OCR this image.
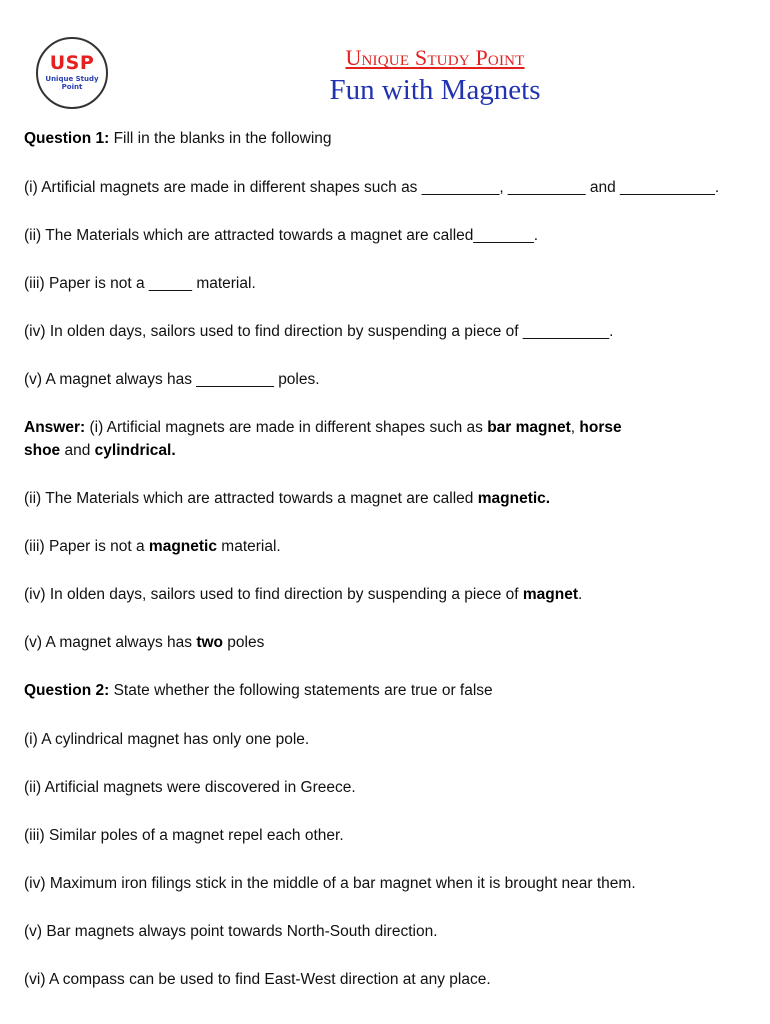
USP
Unique Study
Point
Unique Study Point
Fun with Magnets
Question 1: Fill in the blanks in the following
(i) Artificial magnets are made in different shapes such as _________, _________ and ___________.
(ii) The Materials which are attracted towards a magnet are called_______.
(iii) Paper is not a _____ material.
(iv) In olden days, sailors used to find direction by suspending a piece of __________.
(v) A magnet always has _________ poles.
Answer: (i) Artificial magnets are made in different shapes such as bar magnet, horse
shoe and cylindrical.
(ii) The Materials which are attracted towards a magnet are called magnetic.
(iii) Paper is not a magnetic material.
(iv) In olden days, sailors used to find direction by suspending a piece of magnet.
(v) A magnet always has two poles
Question 2: State whether the following statements are true or false
(i) A cylindrical magnet has only one pole.
(ii) Artificial magnets were discovered in Greece.
(iii) Similar poles of a magnet repel each other.
(iv) Maximum iron filings stick in the middle of a bar magnet when it is brought near them.
(v) Bar magnets always point towards North-South direction.
(vi) A compass can be used to find East-West direction at any place.
